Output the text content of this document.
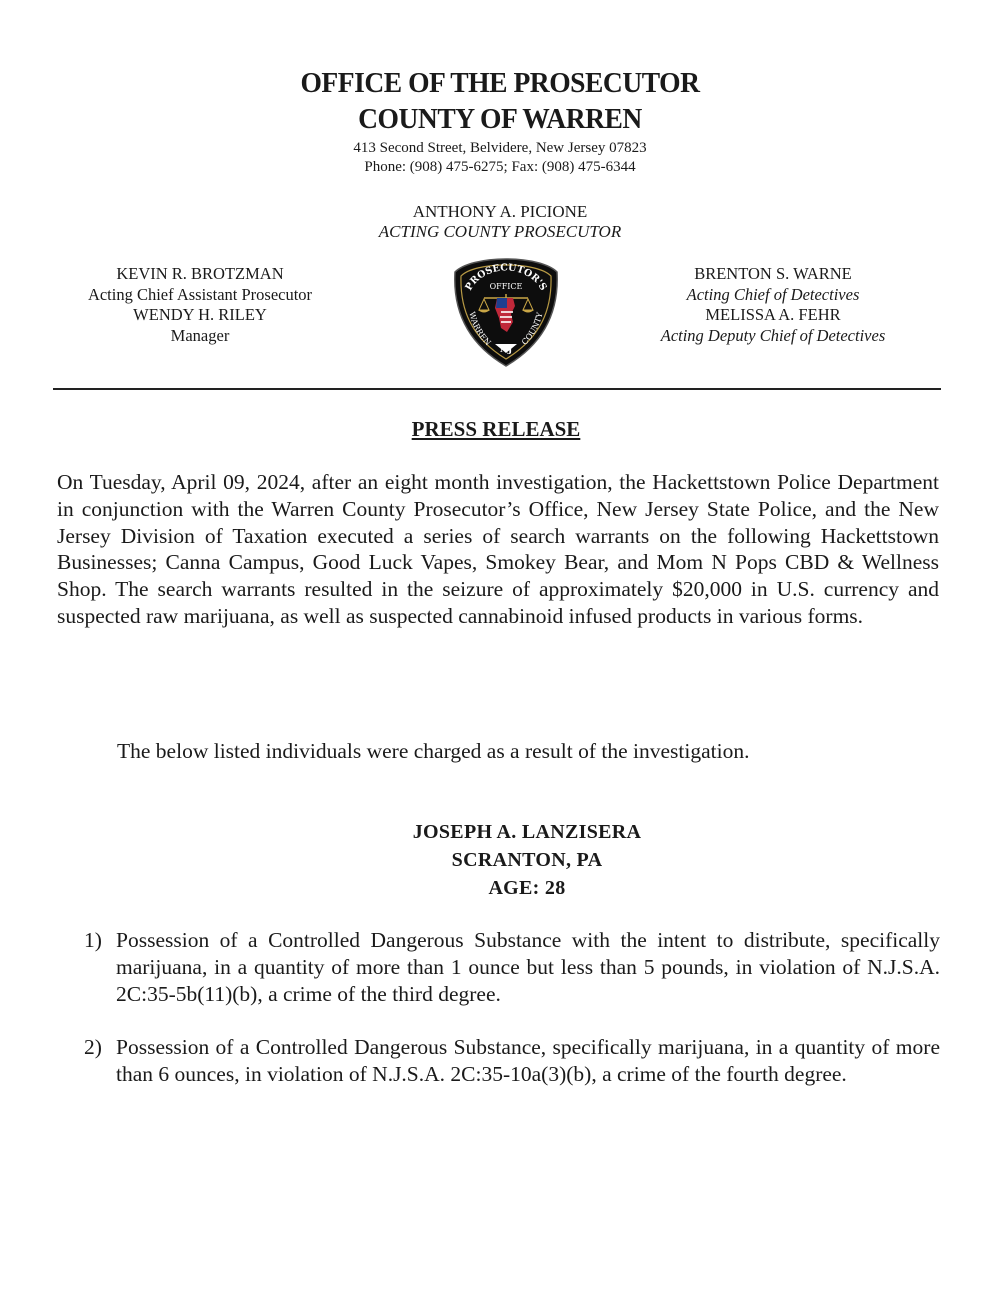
OFFICE OF THE PROSECUTOR
COUNTY OF WARREN
413 Second Street, Belvidere, New Jersey 07823
Phone: (908) 475-6275; Fax: (908) 475-6344
ANTHONY A. PICIONE
ACTING COUNTY PROSECUTOR
KEVIN R. BROTZMAN
Acting Chief Assistant Prosecutor
WENDY H. RILEY
Manager
PROSECUTOR'S
OFFICE
WARREN	COUNTY
NJ
BRENTON S. WARNE
Acting Chief of Detectives
MELISSA A. FEHR
Acting Deputy Chief of Detectives
PRESS RELEASE
On Tuesday, April 09, 2024, after an eight month investigation, the Hackettstown Police Department in conjunction with the Warren County Prosecutor’s Office, New Jersey State Police, and the New Jersey Division of Taxation executed a series of search warrants on the following Hackettstown Businesses; Canna Campus, Good Luck Vapes, Smokey Bear, and Mom N Pops CBD & Wellness Shop. The search warrants resulted in the seizure of approximately $20,000 in U.S. currency and suspected raw marijuana, as well as suspected cannabinoid infused products in various forms.
The below listed individuals were charged as a result of the investigation.
JOSEPH A. LANZISERA
SCRANTON, PA
AGE: 28
1) Possession of a Controlled Dangerous Substance with the intent to distribute, specifically marijuana, in a quantity of more than 1 ounce but less than 5 pounds, in violation of N.J.S.A. 2C:35-5b(11)(b), a crime of the third degree.
2) Possession of a Controlled Dangerous Substance, specifically marijuana, in a quantity of more than 6 ounces, in violation of N.J.S.A. 2C:35-10a(3)(b), a crime of the fourth degree.
